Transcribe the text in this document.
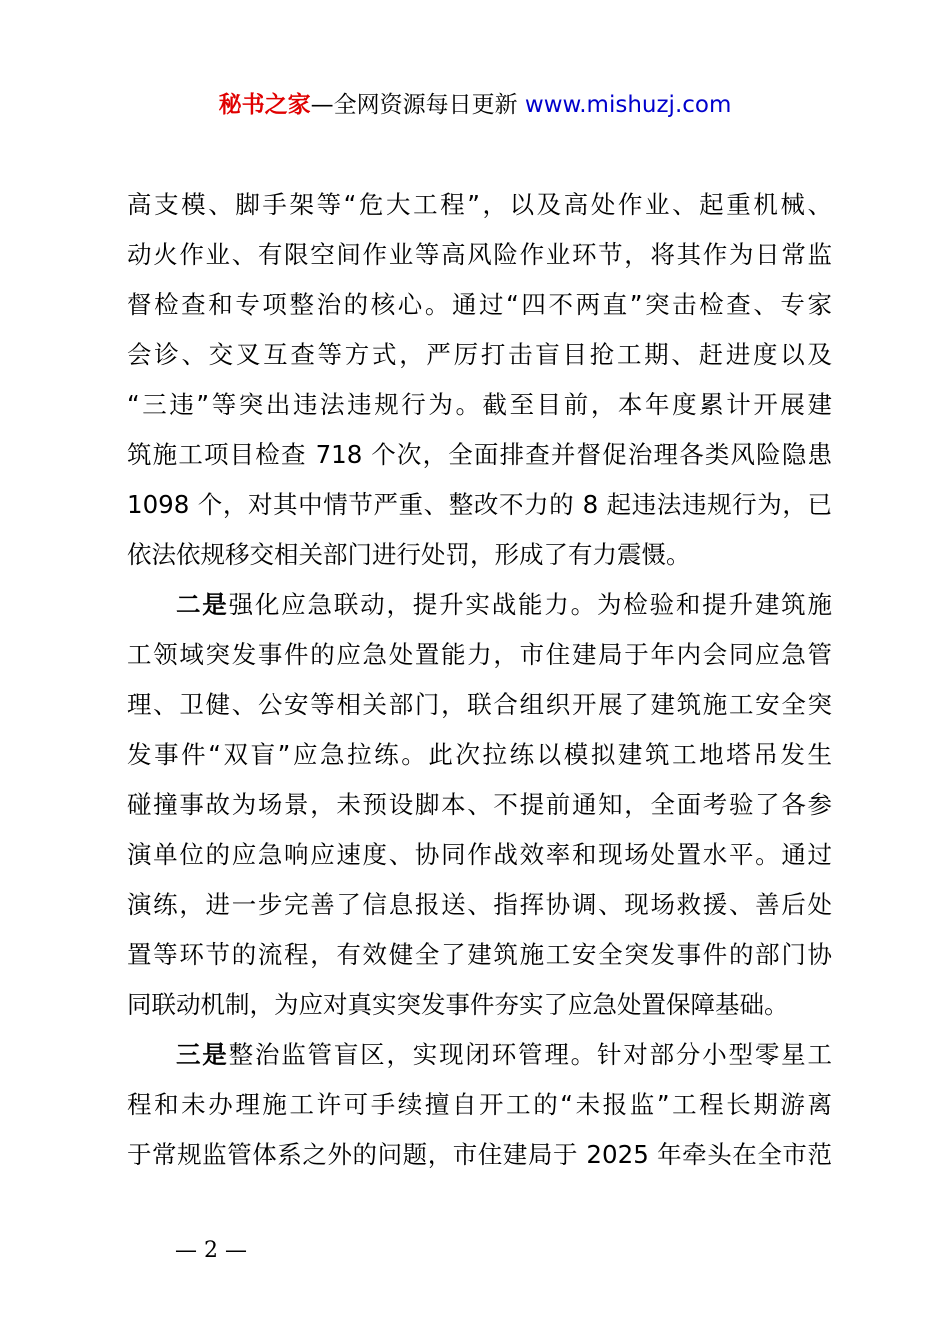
秘书之家—全网资源每日更新 www.mishuzj.com
高支模、脚手架等“危大工程”，以及高处作业、起重机械、
动火作业、有限空间作业等高风险作业环节，将其作为日常监
督检查和专项整治的核心。通过“四不两直”突击检查、专家
会诊、交叉互查等方式，严厉打击盲目抢工期、赶进度以及
“三违”等突出违法违规行为。截至目前，本年度累计开展建
筑施工项目检查 718 个次，全面排查并督促治理各类风险隐患
1098 个，对其中情节严重、整改不力的 8 起违法违规行为，已
依法依规移交相关部门进行处罚，形成了有力震慑。
二是强化应急联动，提升实战能力。为检验和提升建筑施
工领域突发事件的应急处置能力，市住建局于年内会同应急管
理、卫健、公安等相关部门，联合组织开展了建筑施工安全突
发事件“双盲”应急拉练。此次拉练以模拟建筑工地塔吊发生
碰撞事故为场景，未预设脚本、不提前通知，全面考验了各参
演单位的应急响应速度、协同作战效率和现场处置水平。通过
演练，进一步完善了信息报送、指挥协调、现场救援、善后处
置等环节的流程，有效健全了建筑施工安全突发事件的部门协
同联动机制，为应对真实突发事件夯实了应急处置保障基础。
三是整治监管盲区，实现闭环管理。针对部分小型零星工
程和未办理施工许可手续擅自开工的“未报监”工程长期游离
于常规监管体系之外的问题，市住建局于 2025 年牵头在全市范
— 2 —
